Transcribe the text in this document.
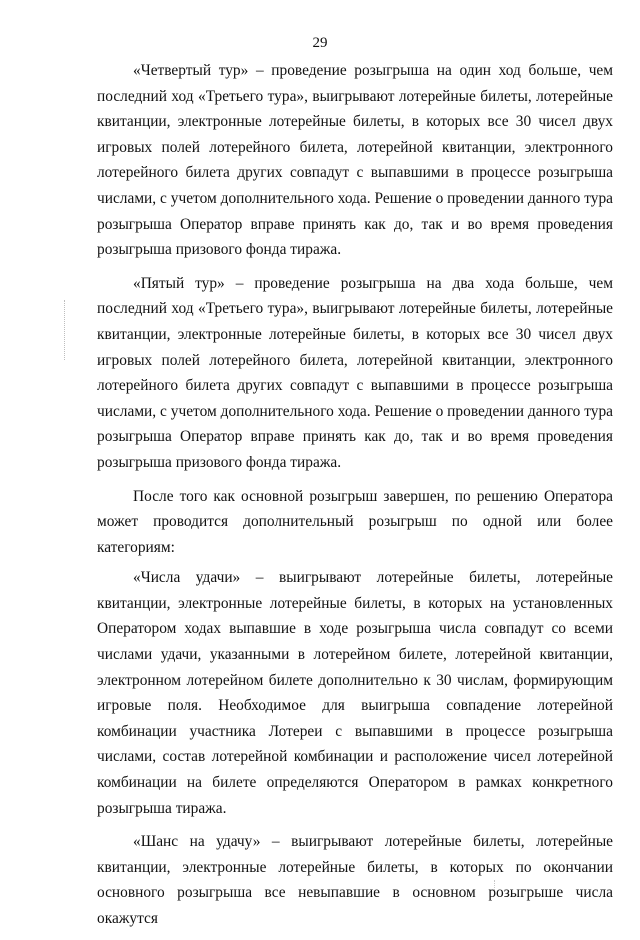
29

«Четвертый тур» – проведение розыгрыша на один ход больше, чем последний ход «Третьего тура», выигрывают лотерейные билеты, лотерейные квитанции, электронные лотерейные билеты, в которых все 30 чисел двух игровых полей лотерейного билета, лотерейной квитанции, электронного лотерейного билета других совпадут с выпавшими в процессе розыгрыша числами, с учетом дополнительного хода. Решение о проведении данного тура розыгрыша Оператор вправе принять как до, так и во время проведения розыгрыша призового фонда тиража.

«Пятый тур» – проведение розыгрыша на два хода больше, чем последний ход «Третьего тура», выигрывают лотерейные билеты, лотерейные квитанции, электронные лотерейные билеты, в которых все 30 чисел двух игровых полей лотерейного билета, лотерейной квитанции, электронного лотерейного билета других совпадут с выпавшими в процессе розыгрыша числами, с учетом дополнительного хода. Решение о проведении данного тура розыгрыша Оператор вправе принять как до, так и во время проведения розыгрыша призового фонда тиража.

После того как основной розыгрыш завершен, по решению Оператора может проводится дополнительный розыгрыш по одной или более категориям:

«Числа удачи» – выигрывают лотерейные билеты, лотерейные квитанции, электронные лотерейные билеты, в которых на установленных Оператором ходах выпавшие в ходе розыгрыша числа совпадут со всеми числами удачи, указанными в лотерейном билете, лотерейной квитанции, электронном лотерейном билете дополнительно к 30 числам, формирующим игровые поля. Необходимое для выигрыша совпадение лотерейной комбинации участника Лотереи с выпавшими в процессе розыгрыша числами, состав лотерейной комбинации и расположение чисел лотерейной комбинации на билете определяются Оператором в рамках конкретного розыгрыша тиража.

«Шанс на удачу» – выигрывают лотерейные билеты, лотерейные квитанции, электронные лотерейные билеты, в которых по окончании основного розыгрыша все невыпавшие в основном розыгрыше числа окажутся
